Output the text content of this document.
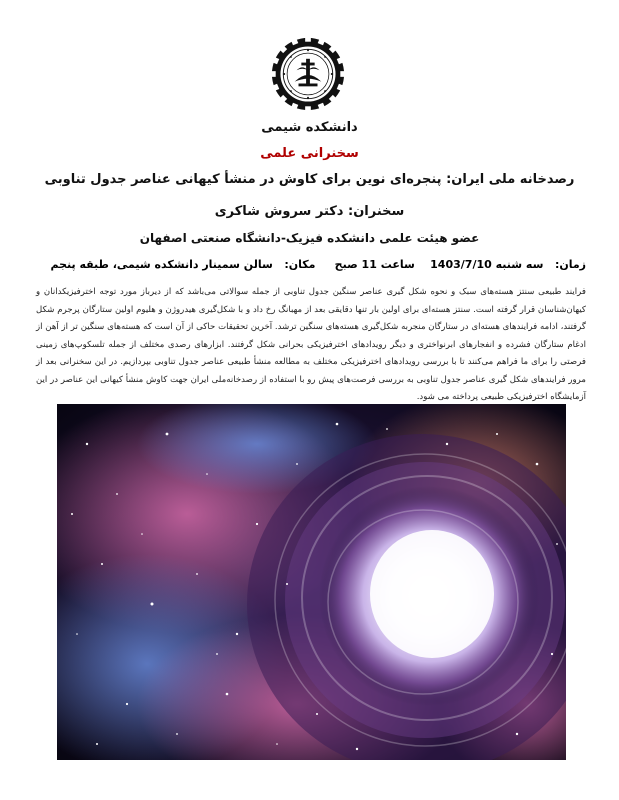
دانشکده شیمی
سخنرانی علمی
رصدخانه ملی ایران: پنجره‌ای نوین برای کاوش در منشأ کیهانی عناصر جدول تناوبی
سخنران: دکتر سروش شاکری
عضو هیئت علمی دانشکده فیزیک-دانشگاه صنعتی اصفهان
زمان:   سه شنبه 1403/7/10    ساعت 11 صبح     مکان:   سالن سمینار دانشکده شیمی، طبقه پنجم
فرایند طبیعی سنتز هسته‌های سبک و نحوه شکل گیری عناصر سنگین جدول تناوبی از جمله سوالاتی می‌باشد که از دیرباز مورد توجه اخترفیزیکدانان و کیهان‌شناسان قرار گرفته است. سنتز هسته‌ای برای اولین بار تنها دقایقی بعد از مهبانگ رخ داد و با شکل‌گیری هیدروژن و هلیوم اولین ستارگان پرجرم شکل گرفتند، ادامه فرایندهای هسته‌ای در ستارگان منجربه شکل‌گیری هسته‌های سنگین ترشد. آخرین تحقیقات حاکی از آن است که هسته‌های سنگین تر از آهن از ادغام ستارگان فشرده و انفجارهای ابرنواختری و دیگر رویدادهای اخترفیزیکی بحرانی شکل گرفتند. ابزارهای رصدی مختلف از جمله تلسکوپ‌های زمینی فرصتی را برای ما فراهم می‌کنند تا با بررسی رویدادهای اخترفیزیکی مختلف به مطالعه منشأ طبیعی عناصر جدول تناوبی بپردازیم. در این سخنرانی بعد از مرور فرایندهای شکل گیری عناصر جدول تناوبی به بررسی فرصت‌های پیش رو با استفاده از رصدخانه‌ملی ایران جهت کاوش منشأ کیهانی این عناصر در این آزمایشگاه اخترفیزیکی طبیعی پرداخته می شود.
